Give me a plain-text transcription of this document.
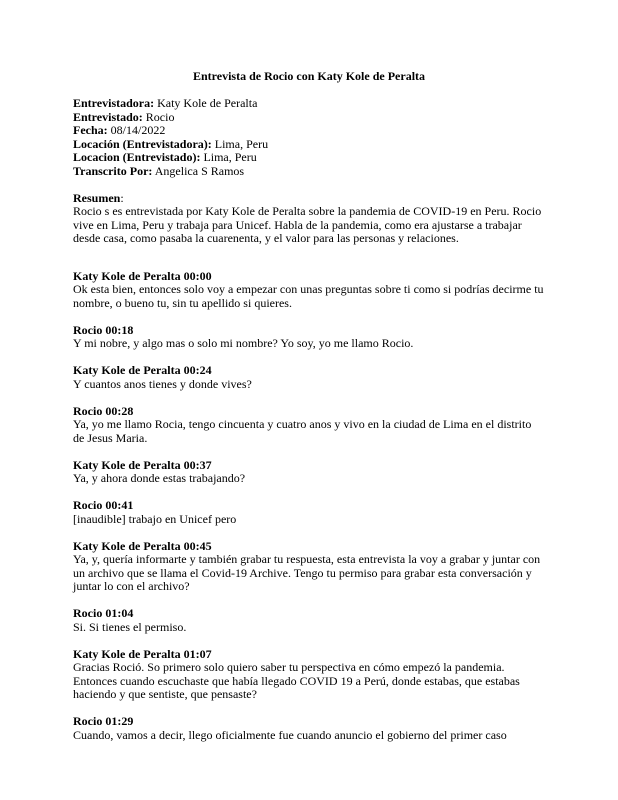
Entrevista de Rocio con Katy Kole de Peralta
Entrevistadora: Katy Kole de Peralta
Entrevistado: Rocio
Fecha: 08/14/2022
Locación (Entrevistadora): Lima, Peru
Locacion (Entrevistado): Lima, Peru
Transcrito Por: Angelica S Ramos
Resumen:
Rocio s es entrevistada por Katy Kole de Peralta sobre la pandemia de COVID-19 en Peru. Rocio vive en Lima, Peru y trabaja para Unicef. Habla de la pandemia, como era ajustarse a trabajar desde casa, como pasaba la cuarenenta, y el valor para las personas y relaciones.
Katy Kole de Peralta 00:00
Ok esta bien, entonces solo voy a empezar con unas preguntas sobre ti como si podrías decirme tu nombre, o bueno tu, sin tu apellido si quieres.
Rocio 00:18
Y mi nobre, y algo mas o solo mi nombre? Yo soy, yo me llamo Rocio.
Katy Kole de Peralta 00:24
Y cuantos anos tienes y donde vives?
Rocio 00:28
Ya, yo me llamo Rocia, tengo cincuenta y cuatro anos y vivo en la ciudad de Lima en el distrito de Jesus Maria.
Katy Kole de Peralta 00:37
Ya, y ahora donde estas trabajando?
Rocio 00:41
[inaudible] trabajo en Unicef pero
Katy Kole de Peralta 00:45
Ya, y, quería informarte y también grabar tu respuesta, esta entrevista la voy a grabar y juntar con un archivo que se llama el Covid-19 Archive. Tengo tu permiso para grabar esta conversación y juntar lo con el archivo?
Rocio 01:04
Si. Si tienes el permiso.
Katy Kole de Peralta 01:07
Gracias Roció. So primero solo quiero saber tu perspectiva en cómo empezó la pandemia. Entonces cuando escuchaste que había llegado COVID 19 a Perú, donde estabas, que estabas haciendo y que sentiste, que pensaste?
Rocio 01:29
Cuando, vamos a decir, llego oficialmente fue cuando anuncio el gobierno del primer caso
